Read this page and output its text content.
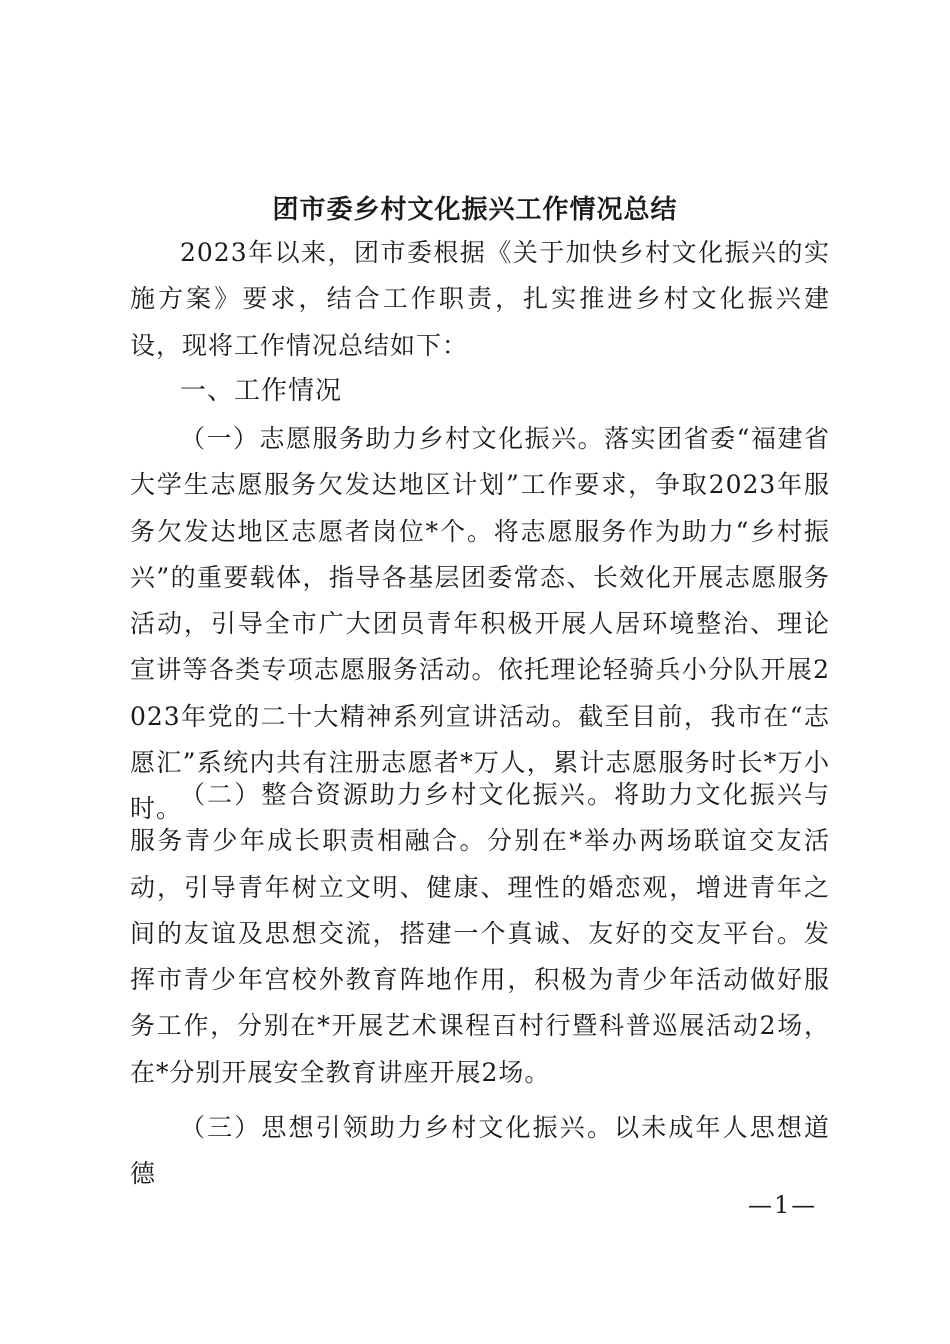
团市委乡村文化振兴工作情况总结
2023年以来，团市委根据《关于加快乡村文化振兴的实施方案》要求，结合工作职责，扎实推进乡村文化振兴建设，现将工作情况总结如下：
一、工作情况
（一）志愿服务助力乡村文化振兴。落实团省委“福建省大学生志愿服务欠发达地区计划”工作要求，争取2023年服务欠发达地区志愿者岗位*个。将志愿服务作为助力“乡村振兴”的重要载体，指导各基层团委常态、长效化开展志愿服务活动，引导全市广大团员青年积极开展人居环境整治、理论宣讲等各类专项志愿服务活动。依托理论轻骑兵小分队开展2023年党的二十大精神系列宣讲活动。截至目前，我市在“志愿汇”系统内共有注册志愿者*万人，累计志愿服务时长*万小时。
（二）整合资源助力乡村文化振兴。将助力文化振兴与服务青少年成长职责相融合。分别在*举办两场联谊交友活动，引导青年树立文明、健康、理性的婚恋观，增进青年之间的友谊及思想交流，搭建一个真诚、友好的交友平台。发挥市青少年宫校外教育阵地作用，积极为青少年活动做好服务工作，分别在*开展艺术课程百村行暨科普巡展活动2场，在*分别开展安全教育讲座开展2场。
（三）思想引领助力乡村文化振兴。以未成年人思想道德
—1—
